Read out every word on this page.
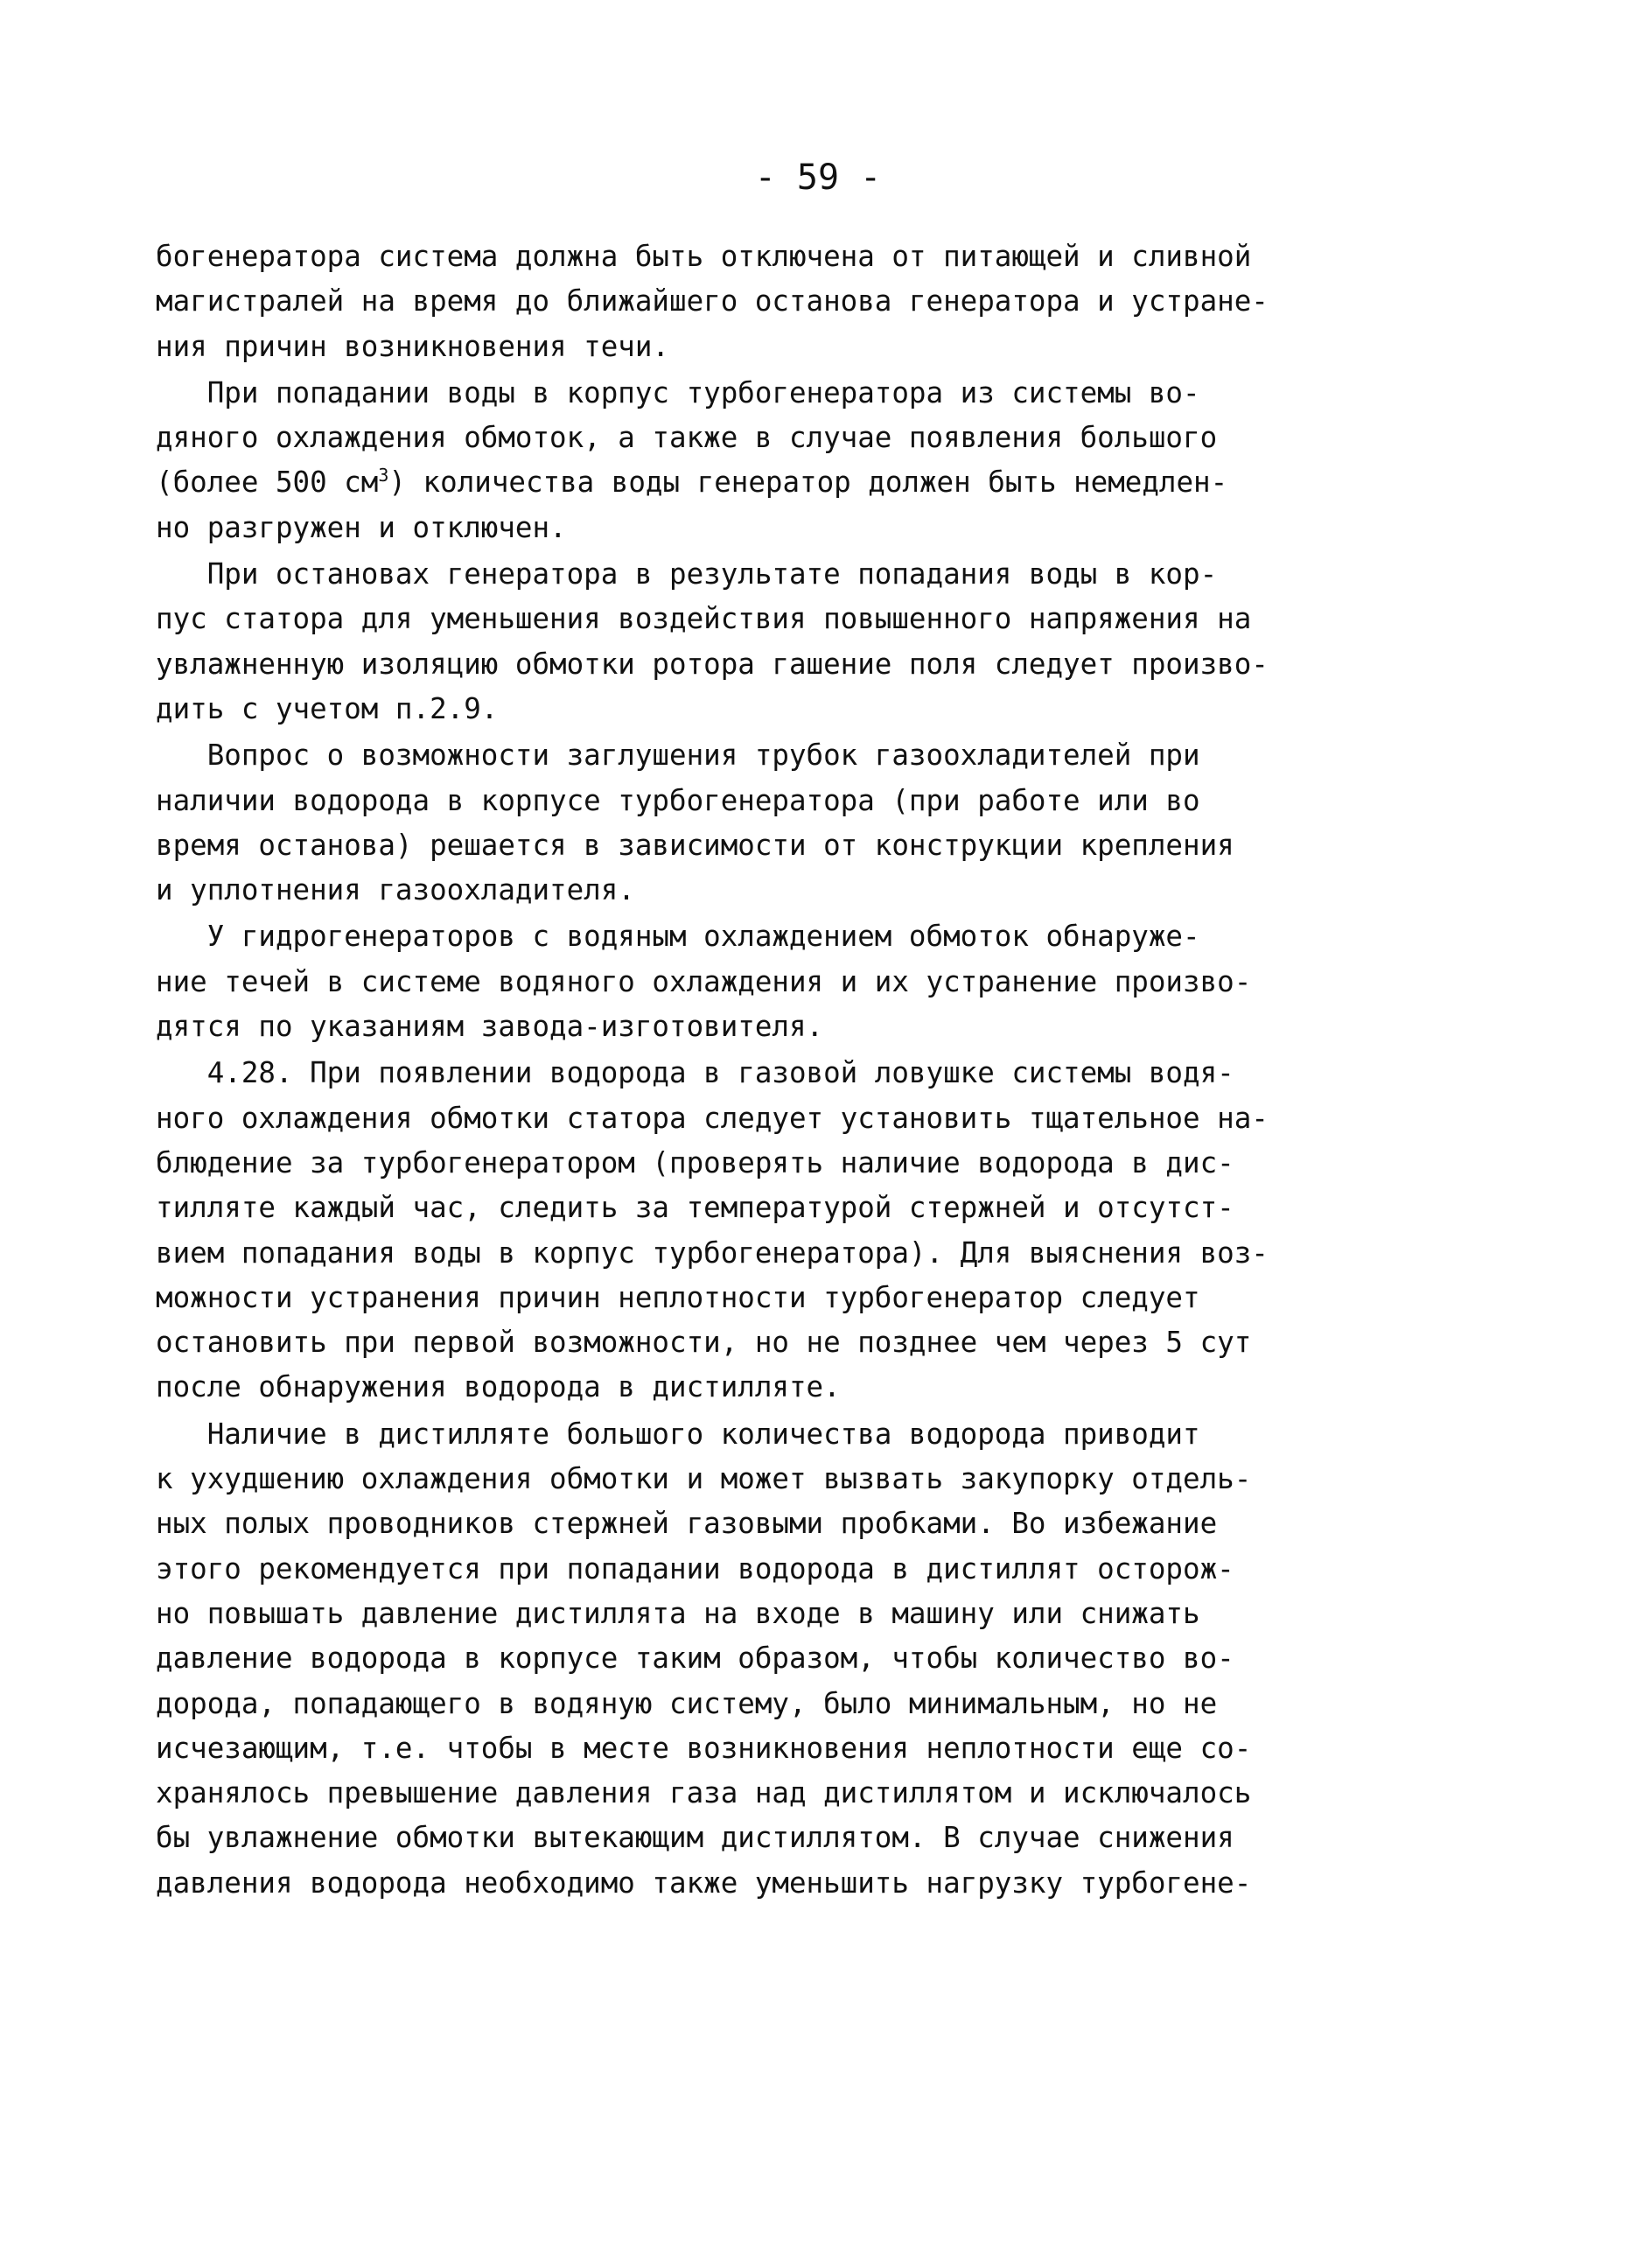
- 59 -
богенератора система должна быть отключена от питающей и сливной
магистралей на время до ближайшего останова генератора и устране-
ния причин возникновения течи.
При попадании воды в корпус турбогенератора из системы во-
дяного охлаждения обмоток, а также в случае появления большого
(более 500 $см^3$) количества воды генератор должен быть немедлен-
но разгружен и отключен.
При остановах генератора в результате попадания воды в кор-
пус статора для уменьшения воздействия повышенного напряжения на
увлажненную изоляцию обмотки ротора гашение поля следует произво-
дить с учетом п.2.9.
Вопрос о возможности заглушения трубок газоохладителей при
наличии водорода в корпусе турбогенератора (при работе или во
время останова) решается в зависимости от конструкции крепления
и уплотнения газоохладителя.
У гидрогенераторов с водяным охлаждением обмоток обнаруже-
ние течей в системе водяного охлаждения и их устранение произво-
дятся по указаниям завода-изготовителя.
4.28. При появлении водорода в газовой ловушке системы водя-
ного охлаждения обмотки статора следует установить тщательное на-
блюдение за турбогенератором (проверять наличие водорода в дис-
тилляте каждый час, следить за температурой стержней и отсутст-
вием попадания воды в корпус турбогенератора). Для выяснения воз-
можности устранения причин неплотности турбогенератор следует
остановить при первой возможности, но не позднее чем через 5 сут
после обнаружения водорода в дистилляте.
Наличие в дистилляте большого количества водорода приводит
к ухудшению охлаждения обмотки и может вызвать закупорку отдель-
ных полых проводников стержней газовыми пробками. Во избежание
этого рекомендуется при попадании водорода в дистиллят осторож-
но повышать давление дистиллята на входе в машину или снижать
давление водорода в корпусе таким образом, чтобы количество во-
дорода, попадающего в водяную систему, было минимальным, но не
исчезающим, т.е. чтобы в месте возникновения неплотности еще со-
хранялось превышение давления газа над дистиллятом и исключалось
бы увлажнение обмотки вытекающим дистиллятом. В случае снижения
давления водорода необходимо также уменьшить нагрузку турбогене-
